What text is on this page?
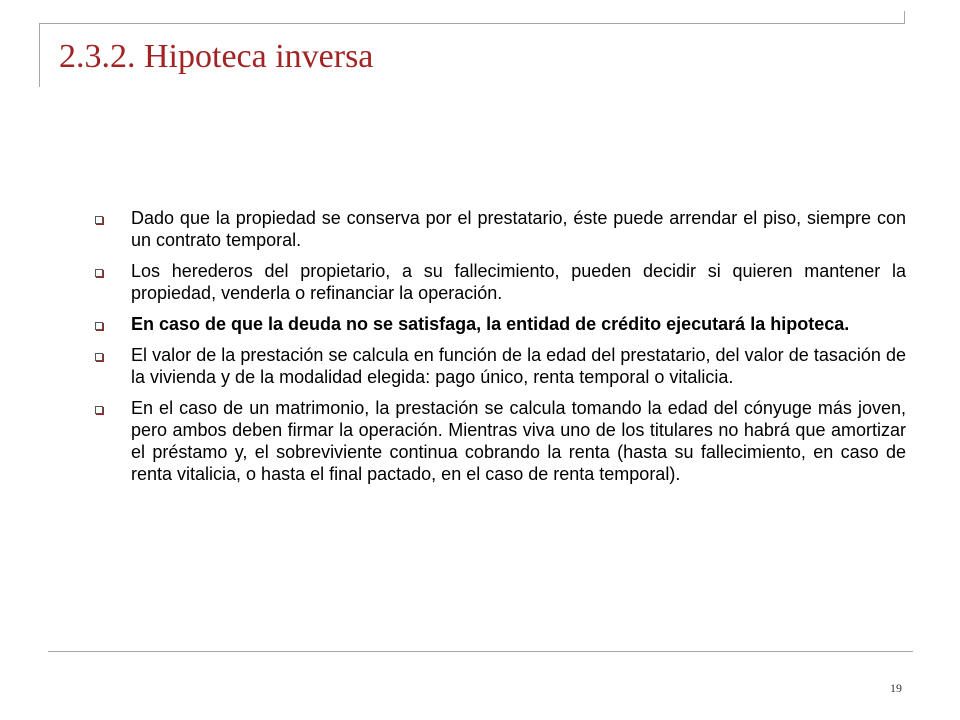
2.3.2. Hipoteca inversa
Dado que la propiedad se conserva por el prestatario, éste puede arrendar el piso, siempre con un contrato temporal.
Los herederos del propietario, a su fallecimiento, pueden decidir si quieren mantener la propiedad, venderla o refinanciar la operación.
En caso de que la deuda no se satisfaga, la entidad de crédito ejecutará la hipoteca.
El valor de la prestación se calcula en función de la edad del prestatario, del valor de tasación de la vivienda y de la modalidad elegida: pago único, renta temporal o vitalicia.
En el caso de un matrimonio, la prestación se calcula tomando la edad del cónyuge más joven, pero ambos deben firmar la operación. Mientras viva uno de los titulares no habrá que amortizar el préstamo y, el sobreviviente continua cobrando la renta (hasta su fallecimiento, en caso de renta vitalicia, o hasta el final pactado, en el caso de renta temporal).
19
